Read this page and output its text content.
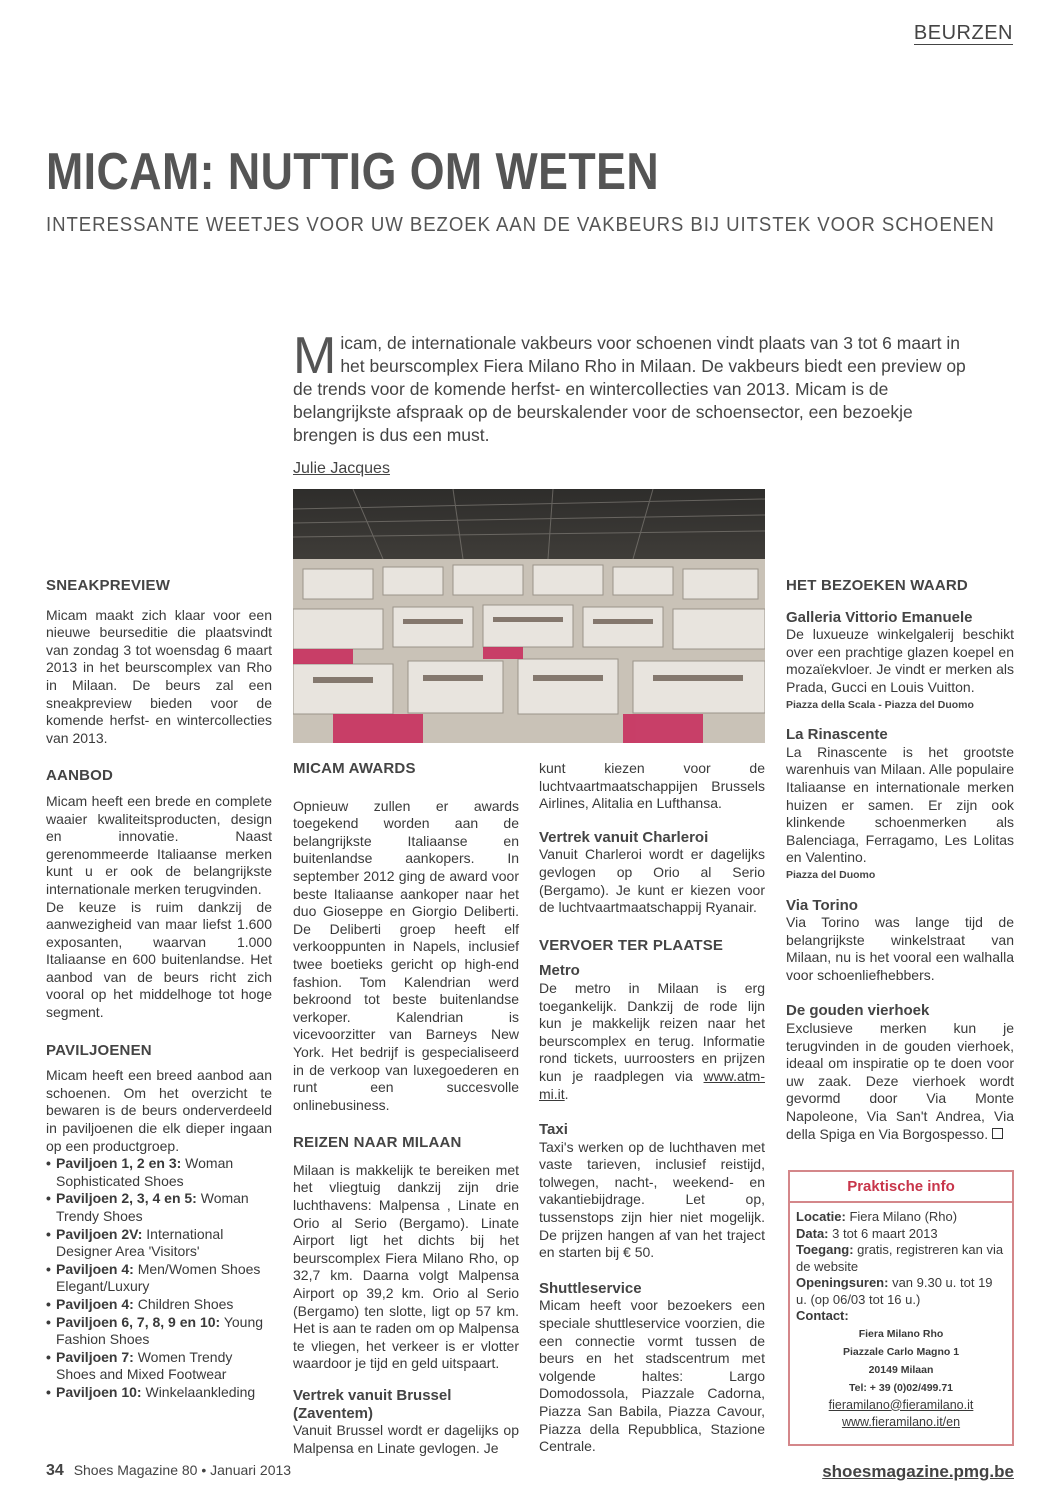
BEURZEN
MICAM: NUTTIG OM WETEN
INTERESSANTE WEETJES VOOR UW BEZOEK AAN DE VAKBEURS BIJ UITSTEK VOOR SCHOENEN
Micam, de internationale vakbeurs voor schoenen vindt plaats van 3 tot 6 maart in het beurscomplex Fiera Milano Rho in Milaan. De vakbeurs biedt een preview op de trends voor de komende herfst- en wintercollecties van 2013. Micam is de belangrijkste afspraak op de beurskalender voor de schoensector, een bezoekje brengen is dus een must.
Julie Jacques

SNEAKPREVIEW

Micam maakt zich klaar voor een nieuwe beurseditie die plaatsvindt van zondag 3 tot woensdag 6 maart 2013 in het beurscomplex van Rho in Milaan. De beurs zal een sneakpreview bieden voor de komende herfst- en wintercollecties van 2013.

AANBOD

Micam heeft een brede en complete waaier kwaliteitsproducten, design en innovatie. Naast gerenommeerde Italiaanse merken kunt u er ook de belangrijkste internationale merken terugvinden.

De keuze is ruim dankzij de aanwezigheid van maar liefst 1.600 exposanten, waarvan 1.000 Italiaanse en 600 buitenlandse. Het aanbod van de beurs richt zich vooral op het middelhoge tot hoge segment.

PAVILJOENEN

Micam heeft een breed aanbod aan schoenen. Om het overzicht te bewaren is de beurs onderverdeeld in paviljoenen die elk dieper ingaan op een productgroep.

• Paviljoen 1, 2 en 3: Woman Sophisticated Shoes
• Paviljoen 2, 3, 4 en 5: Woman Trendy Shoes
• Paviljoen 2V: International Designer Area 'Visitors'
• Paviljoen 4: Men/Women Shoes Elegant/Luxury
• Paviljoen 4: Children Shoes
• Paviljoen 6, 7, 8, 9 en 10: Young Fashion Shoes
• Paviljoen 7: Women Trendy Shoes and Mixed Footwear
• Paviljoen 10: Winkelaankleding

MICAM AWARDS

Opnieuw zullen er awards toegekend worden aan de belangrijkste Italiaanse en buitenlandse aankopers. In september 2012 ging de award voor beste Italiaanse aankoper naar het duo Gioseppe en Giorgio Deliberti. De Deliberti groep heeft elf verkooppunten in Napels, inclusief twee boetieks gericht op high-end fashion. Tom Kalendrian werd bekroond tot beste buitenlandse verkoper. Kalendrian is vicevoorzitter van Barneys New York. Het bedrijf is gespecialiseerd in de verkoop van luxegoederen en runt een succesvolle onlinebusiness.

REIZEN NAAR MILAAN

Milaan is makkelijk te bereiken met het vliegtuig dankzij zijn drie luchthavens: Malpensa , Linate en Orio al Serio (Bergamo). Linate Airport ligt het dichts bij het beurscomplex Fiera Milano Rho, op 32,7 km. Daarna volgt Malpensa Airport op 39,2 km. Orio al Serio (Bergamo) ten slotte, ligt op 57 km. Het is aan te raden om op Malpensa te vliegen, het verkeer is er vlotter waardoor je tijd en geld uitspaart.

Vertrek vanuit Brussel (Zaventem)

Vanuit Brussel wordt er dagelijks op Malpensa en Linate gevlogen. Je

kunt kiezen voor de luchtvaartmaatschappijen Brussels Airlines, Alitalia en Lufthansa.

Vertrek vanuit Charleroi

Vanuit Charleroi wordt er dagelijks gevlogen op Orio al Serio (Bergamo). Je kunt er kiezen voor de luchtvaartmaatschappij Ryanair.

VERVOER TER PLAATSE

Metro

De metro in Milaan is erg toegankelijk. Dankzij de rode lijn kun je makkelijk reizen naar het beurscomplex en terug. Informatie rond tickets, uurroosters en prijzen kun je raadplegen via www.atm-mi.it.

Taxi

Taxi's werken op de luchthaven met vaste tarieven, inclusief reistijd, tolwegen, nacht-, weekend- en vakantiebijdrage. Let op, tussenstops zijn hier niet mogelijk. De prijzen hangen af van het traject en starten bij € 50.

Shuttleservice

Micam heeft voor bezoekers een speciale shuttleservice voorzien, die een connectie vormt tussen de beurs en het stadscentrum met volgende haltes: Largo Domodossola, Piazzale Cadorna, Piazza San Babila, Piazza Cavour, Piazza della Repubblica, Stazione Centrale.

HET BEZOEKEN WAARD

Galleria Vittorio Emanuele

De luxueuze winkelgalerij beschikt over een prachtige glazen koepel en mozaïekvloer. Je vindt er merken als Prada, Gucci en Louis Vuitton.

Piazza della Scala - Piazza del Duomo

La Rinascente

La Rinascente is het grootste warenhuis van Milaan. Alle populaire Italiaanse en internationale merken huizen er samen. Er zijn ook klinkende schoenmerken als Balenciaga, Ferragamo, Les Lolitas en Valentino.

Piazza del Duomo

Via Torino

Via Torino was lange tijd de belangrijkste winkelstraat van Milaan, nu is het vooral een walhalla voor schoenliefhebbers.

De gouden vierhoek

Exclusieve merken kun je terugvinden in de gouden vierhoek, ideaal om inspiratie op te doen voor uw zaak. Deze vierhoek wordt gevormd door Via Monte Napoleone, Via San't Andrea, Via della Spiga en Via Borgospesso.

Praktische info
Locatie: Fiera Milano (Rho)
Data: 3 tot 6 maart 2013
Toegang: gratis, registreren kan via de website
Openingsuren: van 9.30 u. tot 19 u. (op 06/03 tot 16 u.)
Contact:
Fiera Milano Rho
Piazzale Carlo Magno 1
20149 Milaan
Tel: + 39 (0)02/499.71
fieramilano@fieramilano.it
www.fieramilano.it/en
34 Shoes Magazine 80 • Januari 2013	shoesmagazine.pmg.be
